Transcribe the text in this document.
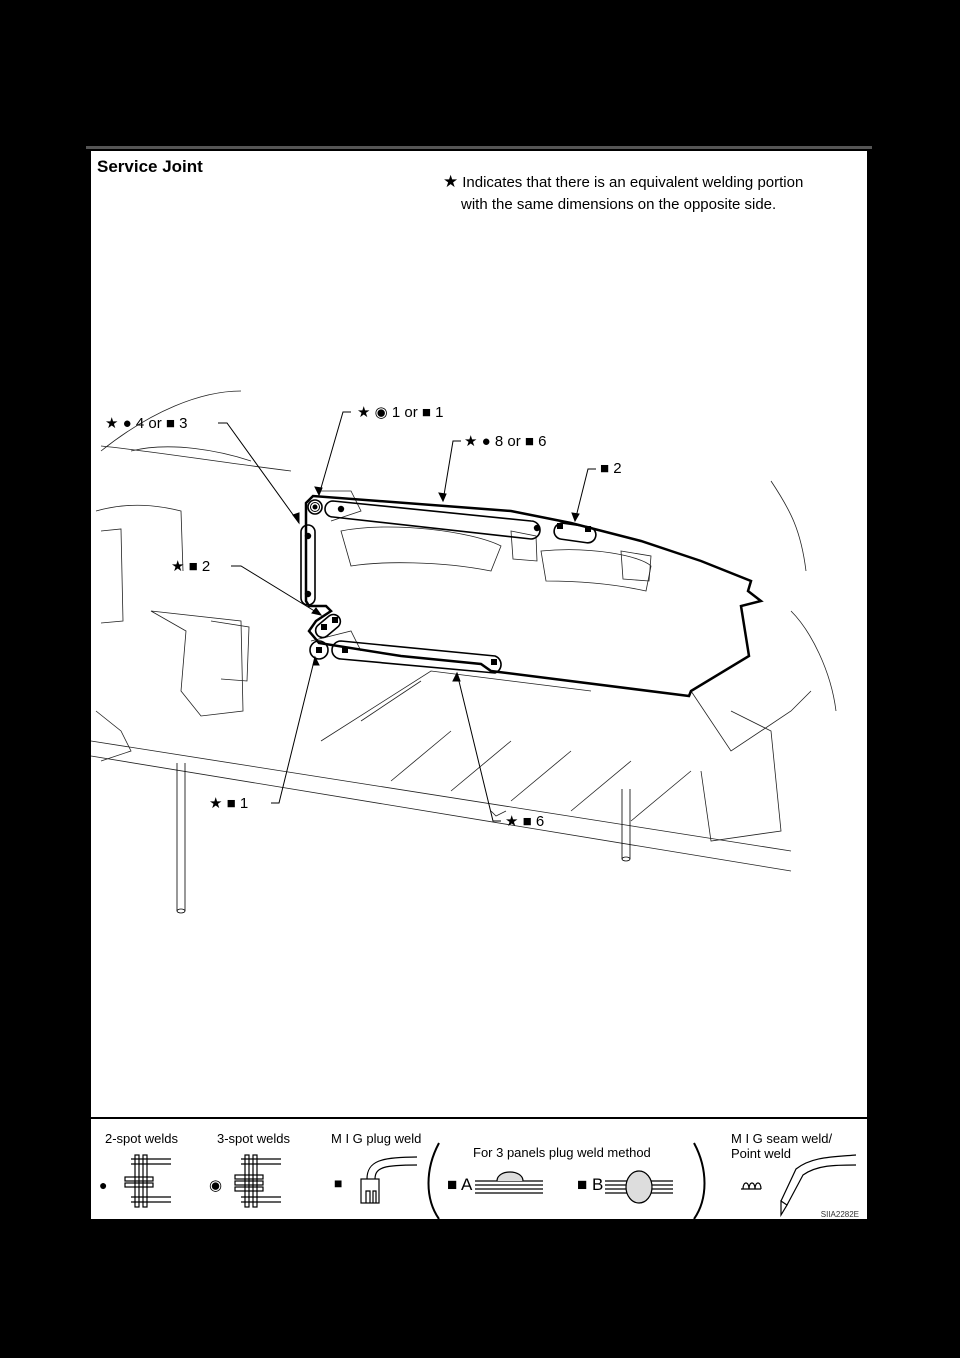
Service Joint
★ Indicates that there is an equivalent welding portion
with the same dimensions on the opposite side.
★ ● 4 or ■ 3
★ ◉ 1 or ■ 1
★ ● 8 or ■ 6
■ 2
★ ■ 2
★ ■ 1
★ ■ 6
2-spot welds	3-spot welds	M I G plug weld
For 3 panels plug weld method
M I G seam weld/
Point weld
●	◉	■	■ A	■ B
SIIA2282E
